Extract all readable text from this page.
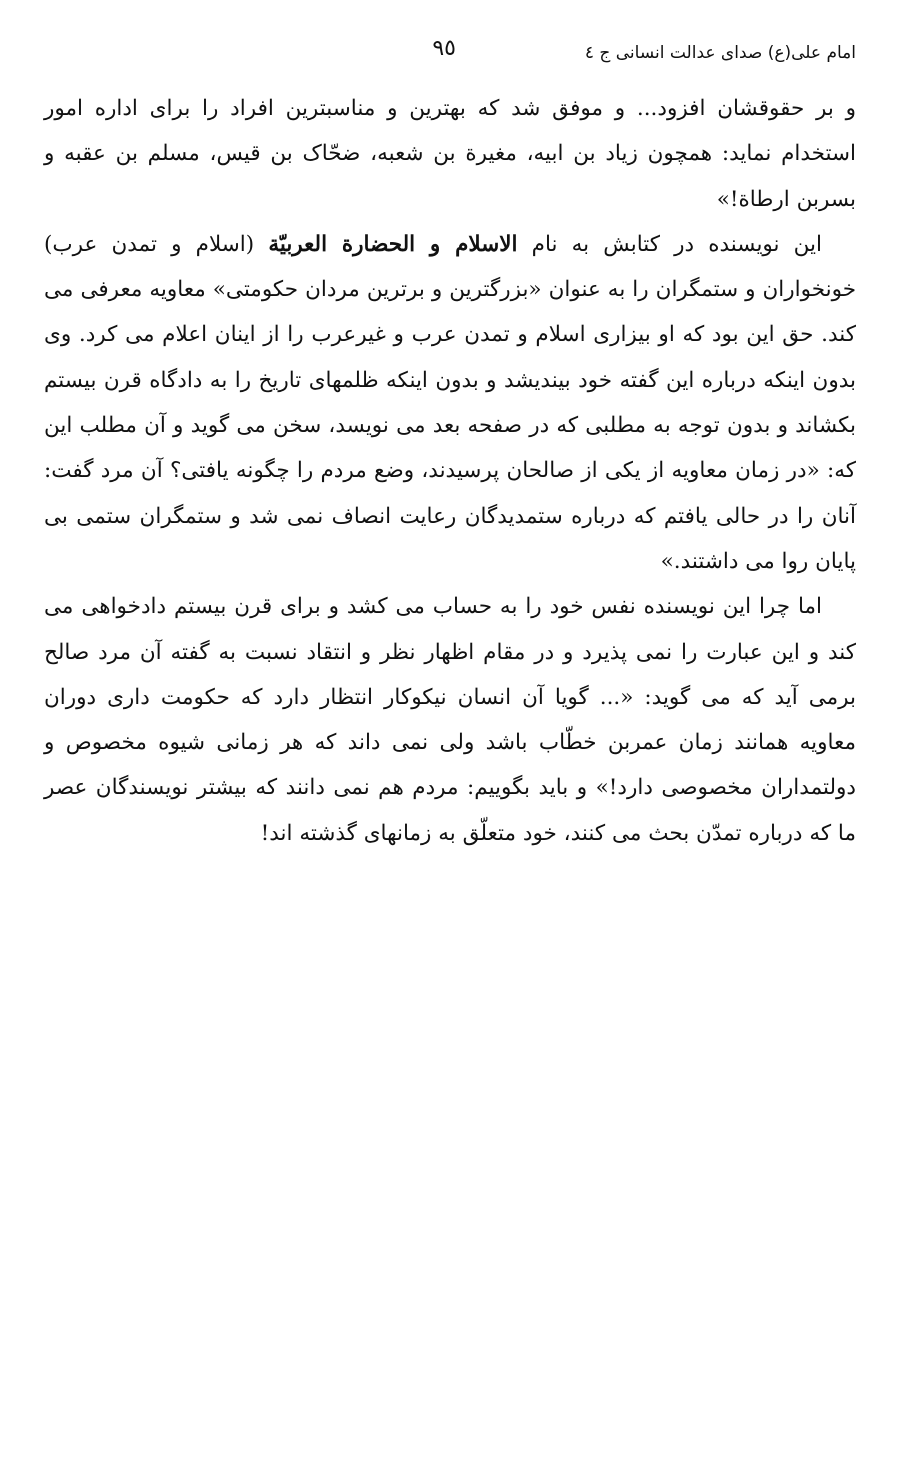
امام علی(ع) صدای عدالت انسانی ج ٤
٩٥

و بر حقوقشان افزود... و موفق شد که بهترین و مناسبترین افراد را برای اداره امور استخدام نماید: همچون زیاد بن ابیه، مغیرة بن شعبه، ضحّاک بن قیس، مسلم بن عقبه و بسربن ارطاة!»

این نویسنده در کتابش به نام الاسلام و الحضارة العربیّة (اسلام و تمدن عرب) خونخواران و ستمگران را به عنوان «بزرگترین و برترین مردان حکومتی» معاویه معرفی می کند. حق این بود که او بیزاری اسلام و تمدن عرب و غیرعرب را از اینان اعلام می کرد. وی بدون اینکه درباره این گفته خود بیندیشد و بدون اینکه ظلمهای تاریخ را به دادگاه قرن بیستم بکشاند و بدون توجه به مطلبی که در صفحه بعد می نویسد، سخن می گوید و آن مطلب این که: «در زمان معاویه از یکی از صالحان پرسیدند، وضع مردم را چگونه یافتی؟ آن مرد گفت: آنان را در حالی یافتم که درباره ستمدیدگان رعایت انصاف نمی شد و ستمگران ستمی بی پایان روا می داشتند.»

اما چرا این نویسنده نفس خود را به حساب می کشد و برای قرن بیستم دادخواهی می کند و این عبارت را نمی پذیرد و در مقام اظهار نظر و انتقاد نسبت به گفته آن مرد صالح برمی آید که می گوید: «... گویا آن انسان نیکوکار انتظار دارد که حکومت داری دوران معاویه همانند زمان عمربن خطّاب باشد ولی نمی داند که هر زمانی شیوه مخصوص و دولتمداران مخصوصی دارد!» و باید بگوییم: مردم هم نمی دانند که بیشتر نویسندگان عصر ما که درباره تمدّن بحث می کنند، خود متعلّق به زمانهای گذشته اند!
